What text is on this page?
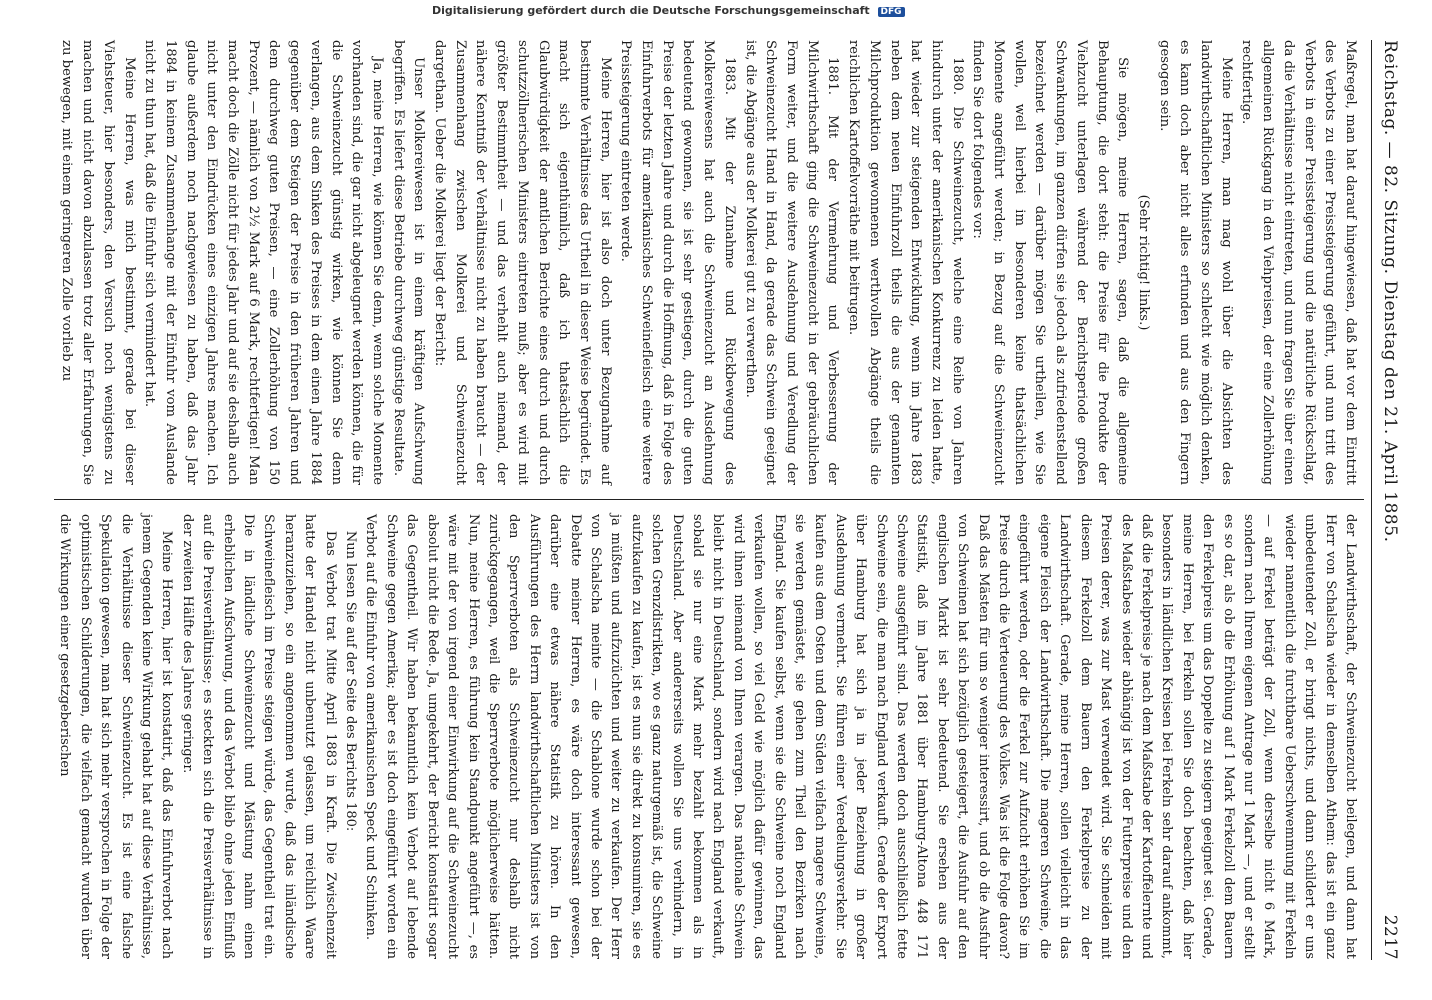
Reichstag. — 82. Sitzung. Dienstag den 21. April 1885.
2217

Maßregel, man hat darauf hingewiesen, daß hat vor dem Eintritt des Verbots zu einer Preissteigerung geführt, und nun tritt des Verbots in einer Preissteigerung und die natürliche Rückschlag, da die Verhältnisse nicht eintreten, und nun fragen Sie über einen allgemeinen Rückgang in den Viehpreisen, der eine Zollerhöhung rechtfertige.

Meine Herren, man mag wohl über die Absichten des landwirthschaftlichen Ministers so schlecht wie möglich denken, es kann doch aber nicht alles erfunden und aus den Fingern gesogen sein.

(Sehr richtig! links.)

Sie mögen, meine Herren, sagen, daß die allgemeine Behauptung, die dort steht: die Preise für die Produkte der Viehzucht unterlagen während der Berichtsperiode großen Schwankungen, im ganzen dürfen sie jedoch als zufriedenstellend bezeichnet werden — darüber mögen Sie urtheilen, wie Sie wollen, weil hierbei im besonderen keine thatsächlichen Momente angeführt werden; in Bezug auf die Schweinezucht finden Sie dort folgendes vor:

1880. Die Schweinezucht, welche eine Reihe von Jahren hindurch unter der amerikanischen Konkurrenz zu leiden hatte, hat wieder zur steigenden Entwicklung, wenn im Jahre 1883 neben dem neuen Einfuhrzoll theils die aus der genannten Milchproduktion gewonnenen werthvollen Abgänge theils die reichlichen Kartoffelvorräthe mit beitrugen.

1881. Mit der Vermehrung und Verbesserung der Milchwirthschaft ging die Schweinezucht in der gebräuchlichen Form weiter, und die weitere Ausdehnung und Veredlung der Schweinezucht Hand in Hand, da gerade das Schwein geeignet ist, die Abgänge aus der Molkerei gut zu verwerthen.

1883. Mit der Zunahme und Rückbewegung des Molkereiwesens hat auch die Schweinezucht an Ausdehnung bedeutend gewonnen, sie ist sehr gestiegen, durch die guten Preise der letzten Jahre und durch die Hoffnung, daß in Folge des Einfuhrverbots für amerikanisches Schweinefleisch eine weitere Preissteigerung eintreten werde.

Meine Herren, hier ist also doch unter Bezugnahme auf bestimmte Verhältnisse das Urtheil in dieser Weise begründet. Es macht sich eigenthümlich, daß ich thatsächlich die Glaubwürdigkeit der amtlichen Berichte eines durch und durch schutzzöllnerischen Ministers eintreten muß; aber es wird mit größter Bestimmtheit — und das verhehlt auch niemand, der nähere Kenntniß der Verhältnisse nicht zu haben braucht — der Zusammenhang zwischen Molkerei und Schweinezucht dargethan. Ueber die Molkerei liegt der Bericht:

Unser Molkereiwesen ist in einem kräftigen Aufschwung begriffen. Es liefert diese Betriebe durchweg günstige Resultate.

Ja, meine Herren, wie können Sie denn, wenn solche Momente vorhanden sind, die gar nicht abgeleugnet werden können, die für die Schweinezucht günstig wirken, wie können Sie denn verlangen, aus dem Sinken des Preises in dem einen Jahre 1884 gegenüber dem Steigen der Preise in den früheren Jahren und dem durchweg guten Preisen, — eine Zollerhöhung von 150 Prozent, — nämlich von 2½ Mark auf 6 Mark, rechtfertigen! Man macht doch die Zölle nicht für jedes Jahr und auf sie deshalb auch nicht unter den Eindrücken eines einzigen Jahres machen. Ich glaube außerdem noch nachgewiesen zu haben, daß das Jahr 1884 in keinem Zusammenhange mit der Einfuhr vom Auslande nicht zu thun hat, daß die Einfuhr sich vermindert hat.

Meine Herren, was mich bestimmt, gerade bei dieser Viehsteuer, hier besonders, den Versuch noch wenigstens zu machen und nicht davon abzulassen trotz aller Erfahrungen, Sie zu bewegen, mit einem geringeren Zolle vorlieb zu

der Landwirthschaft, der Schweinezucht beilegen, und dann hat Herr von Schalscha wieder in demselben Athem: das ist ein ganz unbedeutender Zoll, er bringt nichts, und dann schildert er uns wieder namentlich die furchtbare Ueberschwemmung mit Ferkeln — auf Ferkel beträgt der Zoll, wenn derselbe nicht 6 Mark, sondern nach Ihrem eigenen Antrage nur 1 Mark —, und er stellt es so dar, als ob die Erhöhung auf 1 Mark Ferkelzoll dem Bauern den Ferkelpreis um das Doppelte zu steigern geeignet sei. Gerade, meine Herren, bei Ferkeln sollen Sie doch beachten, daß hier besonders in ländlichen Kreisen bei Ferkeln sehr darauf ankommt, daß die Ferkelpreise je nach dem Maßstabe der Kartoffelernte und des Maßstabes wieder abhängig ist von der Futterpreise und den Preisen derer, was zur Mast verwendet wird. Sie schneiden mit diesem Ferkelzoll dem Bauern den Ferkelpreise zu der Landwirthschaft. Gerade, meine Herren, sollen vielleicht in das eigene Fleisch der Landwirthschaft. Die mageren Schweine, die eingeführt werden, oder die Ferkel zur Aufzucht erhöhen Sie im Preise durch die Verteuerung des Volkes. Was ist die Folge davon? Daß das Mästen für um so weniger interessirt, und ob die Ausfuhr von Schweinen hat sich bezüglich gesteigert, die Ausfuhr auf den englischen Markt ist sehr bedeutend. Sie ersehen aus der Statistik, daß im Jahre 1881 über Hamburg-Altona 448 171 Schweine ausgeführt sind. Das werden doch ausschließlich fette Schweine sein, die man nach England verkauft. Gerade der Export über Hamburg hat sich ja in jeder Beziehung in großer Ausdehnung vermehrt. Sie führen einer Veredelungsverkehr. Sie kaufen aus dem Osten und dem Süden vielfach magere Schweine, sie werden gemästet, sie gehen zum Theil den Bezirken nach England. Sie kaufen selbst, wenn sie die Schweine noch England verkaufen wollen, so viel Geld wie möglich dafür gewinnen, das wird ihnen niemand von Ihnen verargen. Das nationale Schwein bleibt nicht in Deutschland, sondern wird nach England verkauft, sobald sie nur eine Mark mehr bezahlt bekommen als in Deutschland. Aber andererseits wollen Sie uns verhindern, in solchen Grenzdistrikten, wo es ganz naturgemäß ist, die Schweine aufzukaufen zu kaufen, ist es nun sie direkt zu konsumiren, sie es ja müßten und aufzuzüchten und weiter zu verkaufen. Der Herr von Schalscha meinte — die Schablone wurde schon bei der Debatte meiner Herren, es wäre doch interessant gewesen, darüber eine etwas nähere Statistik zu hören. In den Ausführungen des Herrn landwirthschaftlichen Ministers ist von den Sperrverboten als Schweinezucht nur deshalb nicht zurückgegangen, weil die Sperrverbote möglicherweise hätten. Nun, meine Herren, es führung kein Standpunkt angeführt —, es wäre mit der von irgend einer Einwirkung auf die Schweinezucht absolut nicht die Rede. Ja, umgekehrt, der Bericht konstatirt sogar das Gegentheil. Wir haben bekanntlich kein Verbot auf lebende Schweine gegen Amerika; aber es ist doch eingeführt worden ein Verbot auf die Einfuhr von amerikanischen Speck und Schinken.

Nun lesen Sie auf der Seite des Berichts 180:

Das Verbot trat Mitte April 1883 in Kraft. Die Zwischenzeit hatte der Handel nicht unbenutzt gelassen, um reichlich Waare heranzuziehen, so ein angenommen wurde, daß das inländische Schweinefleisch im Preise steigen würde, das Gegentheil trat ein. Die in ländliche Schweinezucht und Mästung nahm einen erheblichen Aufschwung, und das Verbot blieb ohne jeden Einfluß auf die Preisverhältnisse; es steckten sich die Preisverhältnisse in der zweiten Hälfte des Jahres geringer.

Meine Herren, hier ist konstatirt, daß das Einfuhrverbot nach jenem Gegenden keine Wirkung gehabt hat auf diese Verhältnisse, die Verhältnisse dieser Schweinezucht. Es ist eine falsche Spekulation gewesen, man hat sich mehr versprochen in Folge der optimistischen Schilderungen, die vielfach gemacht wurden über die Wirkungen einer gesetzgeberischen

Digitalisierung gefördert durch die Deutsche Forschungsgemeinschaft DFG
